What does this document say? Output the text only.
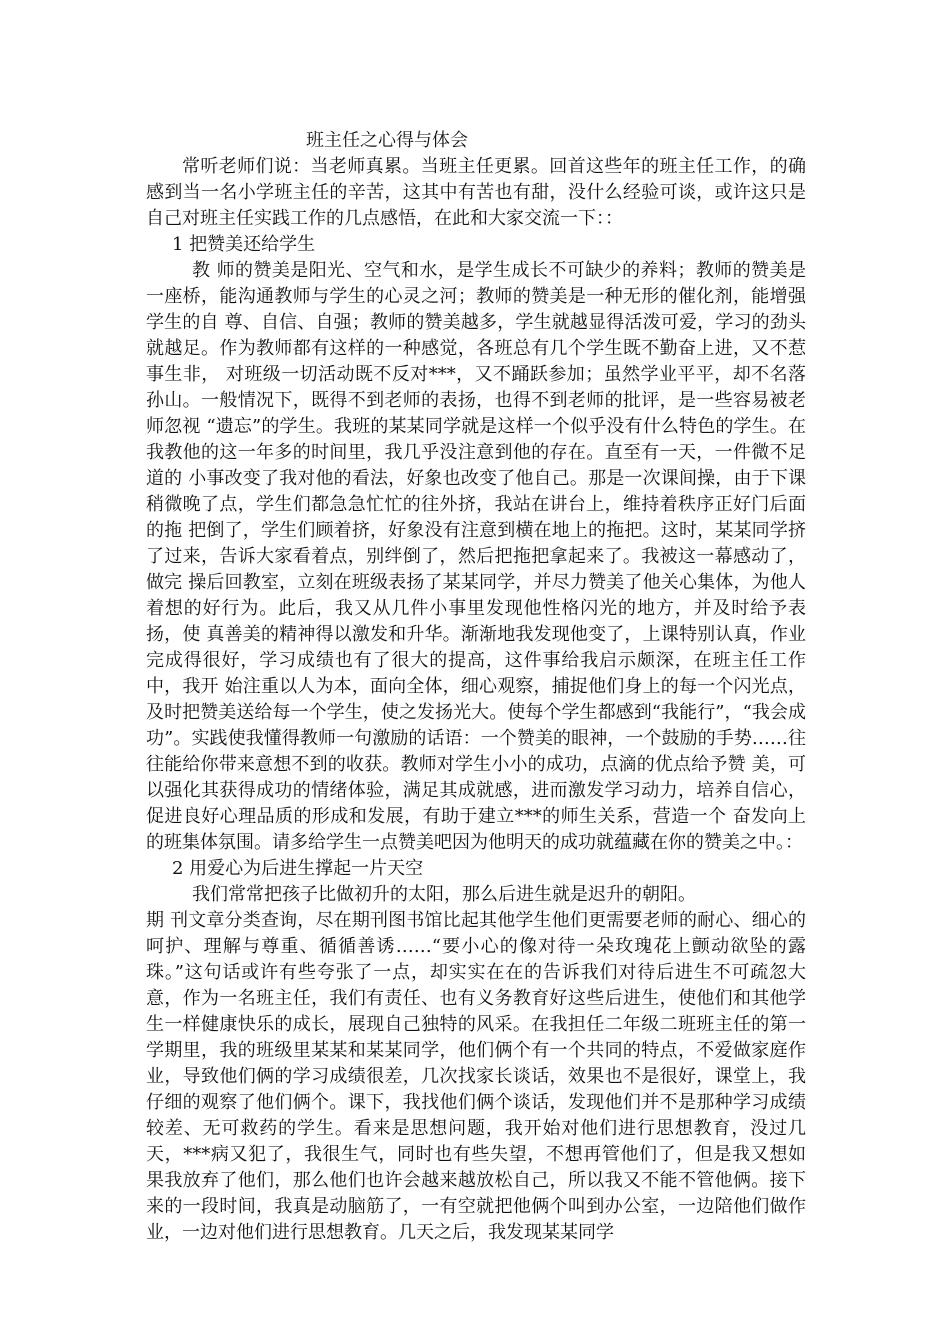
班主任之心得与体会

常听老师们说：当老师真累。当班主任更累。回首这些年的班主任工作，的确感到当一名小学班主任的辛苦，这其中有苦也有甜，没什么经验可谈，或许这只是自己对班主任实践工作的几点感悟，在此和大家交流一下：：

1 把赞美还给学生

教 师的赞美是阳光、空气和水，是学生成长不可缺少的养料；教师的赞美是一座桥，能沟通教师与学生的心灵之河；教师的赞美是一种无形的催化剂，能增强学生的自 尊、自信、自强；教师的赞美越多，学生就越显得活泼可爱，学习的劲头就越足。作为教师都有这样的一种感觉，各班总有几个学生既不勤奋上进，又不惹事生非， 对班级一切活动既不反对***，又不踊跃参加；虽然学业平平，却不名落孙山。一般情况下，既得不到老师的表扬，也得不到老师的批评，是一些容易被老师忽视 “遗忘”的学生。我班的某某同学就是这样一个似乎没有什么特色的学生。在我教他的这一年多的时间里，我几乎没注意到他的存在。直至有一天，一件微不足道的 小事改变了我对他的看法，好象也改变了他自己。那是一次课间操，由于下课稍微晚了点，学生们都急急忙忙的往外挤，我站在讲台上，维持着秩序正好门后面的拖 把倒了，学生们顾着挤，好象没有注意到横在地上的拖把。这时，某某同学挤了过来，告诉大家看着点，别绊倒了，然后把拖把拿起来了。我被这一幕感动了，做完 操后回教室，立刻在班级表扬了某某同学，并尽力赞美了他关心集体，为他人着想的好行为。此后，我又从几件小事里发现他性格闪光的地方，并及时给予表扬，使 真善美的精神得以激发和升华。渐渐地我发现他变了，上课特别认真，作业完成得很好，学习成绩也有了很大的提高，这件事给我启示颇深，在班主任工作中，我开 始注重以人为本，面向全体，细心观察，捕捉他们身上的每一个闪光点，及时把赞美送给每一个学生，使之发扬光大。使每个学生都感到“我能行”，“我会成 功”。实践使我懂得教师一句激励的话语：一个赞美的眼神，一个鼓励的手势……往往能给你带来意想不到的收获。教师对学生小小的成功，点滴的优点给予赞 美，可以强化其获得成功的情绪体验，满足其成就感，进而激发学习动力，培养自信心，促进良好心理品质的形成和发展，有助于建立***的师生关系，营造一个 奋发向上的班集体氛围。请多给学生一点赞美吧因为他明天的成功就蕴藏在你的赞美之中。：

2 用爱心为后进生撑起一片天空

我们常常把孩子比做初升的太阳，那么后进生就是迟升的朝阳。

期 刊文章分类查询，尽在期刊图书馆比起其他学生他们更需要老师的耐心、细心的呵护、理解与尊重、循循善诱……“要小心的像对待一朵玫瑰花上颤动欲坠的露 珠。”这句话或许有些夸张了一点，却实实在在的告诉我们对待后进生不可疏忽大意，作为一名班主任，我们有责任、也有义务教育好这些后进生，使他们和其他学 生一样健康快乐的成长，展现自己独特的风采。在我担任二年级二班班主任的第一学期里，我的班级里某某和某某同学，他们俩个有一个共同的特点，不爱做家庭作 业，导致他们俩的学习成绩很差，几次找家长谈话，效果也不是很好，课堂上，我仔细的观察了他们俩个。课下，我找他们俩个谈话，发现他们并不是那种学习成绩 较差、无可救药的学生。看来是思想问题，我开始对他们进行思想教育，没过几天，***病又犯了，我很生气，同时也有些失望，不想再管他们了，但是我又想如 果我放弃了他们，那么他们也许会越来越放松自己，所以我又不能不管他俩。接下来的一段时间，我真是动脑筋了，一有空就把他俩个叫到办公室，一边陪他们做作 业，一边对他们进行思想教育。几天之后，我发现某某同学
